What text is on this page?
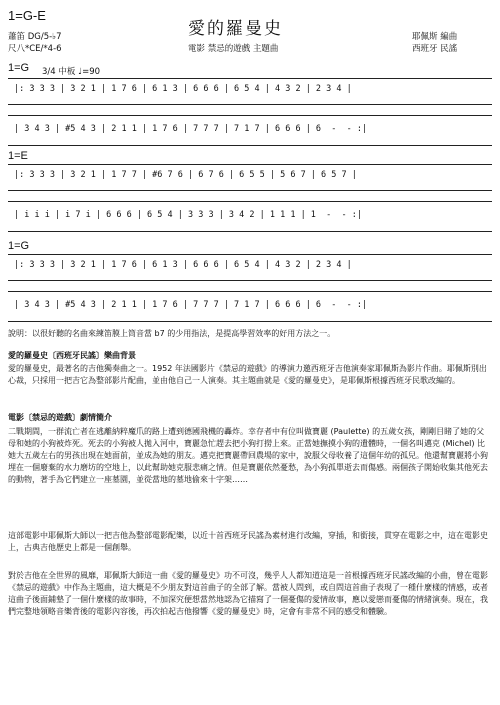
1=G-E
蕭笛 DG/5-♭7
尺八*CE/*4-6
愛的羅曼史
電影 禁忌的遊戲 主題曲
耶佩斯 編曲
西班牙 民謠
1=G 3/4 中板 ♩=90
|: 3 3 3 | 3 2 1 | 1 7 6 | 6 1 3 | 6 6 6 | 6 5 4 | 4 3 2 | 2 3 4 |
| 3 4 3 | #5 4 3 | 2 1 1 | 1 7 6 | 7 7 7 | 7 1 7 | 6 6 6 | 6  -  - :|
1=E
|: 3 3 3 | 3 2 1 | 1 7 7 | #6 7 6 | 6 7 6 | 6 5 5 | 5 6 7 | 6 5 7 |
| i i i | i 7 i | 6 6 6 | 6 5 4 | 3 3 3 | 3 4 2 | 1 1 1 | 1  -  - :|
1=G
|: 3 3 3 | 3 2 1 | 1 7 6 | 6 1 3 | 6 6 6 | 6 5 4 | 4 3 2 | 2 3 4 |
| 3 4 3 | #5 4 3 | 2 1 1 | 1 7 6 | 7 7 7 | 7 1 7 | 6 6 6 | 6  -  - :|
說明：以很好聽的名曲來練笛膜上筒音當 b7 的少用指法，是提高學習效率的好用方法之一。
愛的羅曼史〔西班牙民謠〕樂曲背景
愛的羅曼史，最著名的吉他獨奏曲之一。1952 年法國影片《禁忌的遊戲》的導演力邀西班牙吉他演奏家耶佩斯為影片作曲。耶佩斯別出心裁，只採用一把吉它為整部影片配曲，並由他自己一人演奏。其主題曲就是《愛的羅曼史》，是耶佩斯根據西班牙民歌改編的。
電影〔禁忌的遊戲〕劇情簡介
二戰期間，一群流亡者在逃離納粹魔爪的路上遭到德國飛機的轟炸。幸存者中有位叫做寶麗 (Paulette) 的五歲女孩，剛剛目睹了她的父母和她的小狗被炸死。死去的小狗被人拋入河中，寶麗急忙趕去把小狗打撈上來。正當她撫摸小狗的遺體時，一個名叫邁克 (Michel) 比她大五歲左右的男孩出現在她面前，並成為她的朋友。邁克把寶麗帶回農場的家中，說服父母收養了這個年幼的孤兒。他還幫寶麗將小狗埋在一個廢棄的水力磨坊的空地上，以此幫助她克服悲痛之情。但是寶麗依然憂愁，為小狗孤單逝去而傷感。兩個孩子開始收集其他死去的動物，著手為它們建立一座墓園，並從當地的墓地偷來十字架……
這部電影中耶佩斯大師以一把吉他為整部電影配樂，以近十首西班牙民謠為素材進行改編，穿插，和銜接，貫穿在電影之中，這在電影史上，古典吉他歷史上都是一個創舉。
對於吉他在全世界的風靡，耶佩斯大師這一曲《愛的羅曼史》功不可沒，幾乎人人都知道這是一首根據西班牙民謠改編的小曲，曾在電影《禁忌的遊戲》中作為主題曲，這大概是不少朋友對這首曲子的全部了解。當被人問到，或自問這首曲子表現了一種什麼樣的情感，或者這曲子後面鋪墊了一個什麼樣的故事時，不加深究便想當然地認為它描寫了一個憂傷的愛情故事，應以愛戀而憂傷的情緒演奏。現在，我們完整地領略音樂背後的電影內容後，再次拍起吉他撥響《愛的羅曼史》時，定會有非常不同的感受和體驗。
